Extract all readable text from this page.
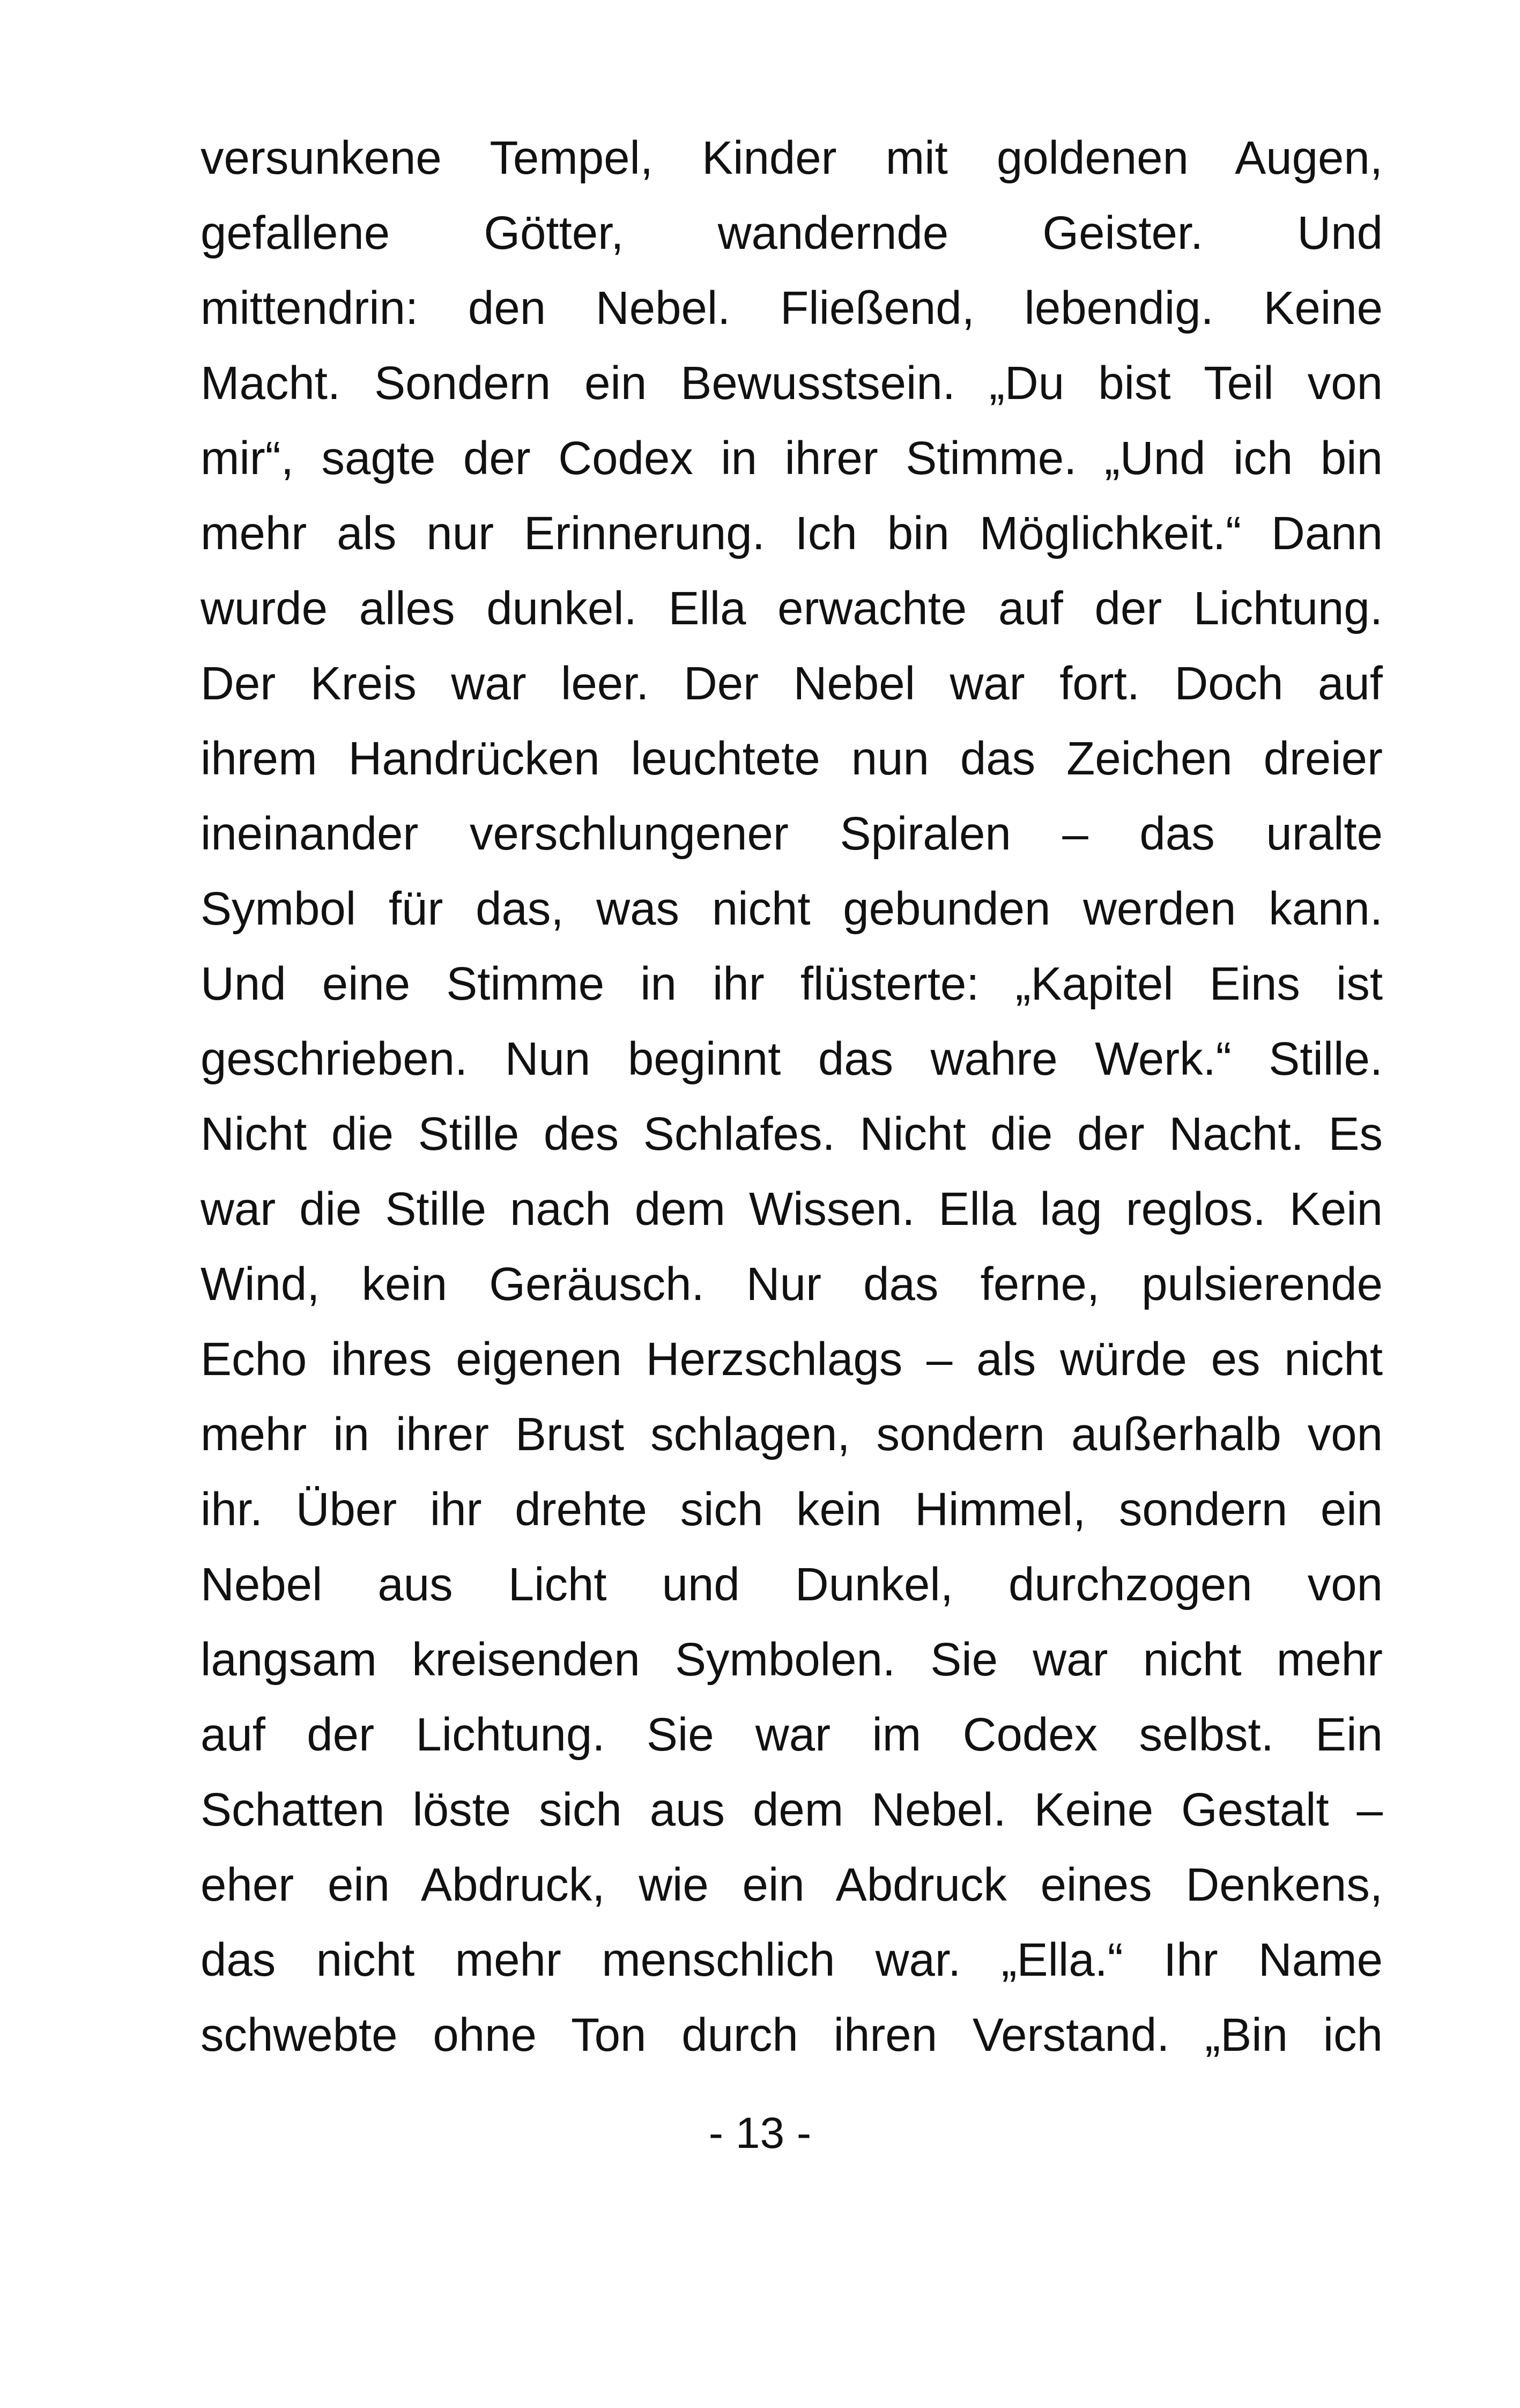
versunkene Tempel, Kinder mit goldenen Augen,
gefallene Götter, wandernde Geister. Und
mittendrin: den Nebel. Fließend, lebendig. Keine
Macht. Sondern ein Bewusstsein. „Du bist Teil von
mir“, sagte der Codex in ihrer Stimme. „Und ich bin
mehr als nur Erinnerung. Ich bin Möglichkeit.“ Dann
wurde alles dunkel. Ella erwachte auf der Lichtung.
Der Kreis war leer. Der Nebel war fort. Doch auf
ihrem Handrücken leuchtete nun das Zeichen dreier
ineinander verschlungener Spiralen – das uralte
Symbol für das, was nicht gebunden werden kann.
Und eine Stimme in ihr flüsterte: „Kapitel Eins ist
geschrieben. Nun beginnt das wahre Werk.“ Stille.
Nicht die Stille des Schlafes. Nicht die der Nacht. Es
war die Stille nach dem Wissen. Ella lag reglos. Kein
Wind, kein Geräusch. Nur das ferne, pulsierende
Echo ihres eigenen Herzschlags – als würde es nicht
mehr in ihrer Brust schlagen, sondern außerhalb von
ihr. Über ihr drehte sich kein Himmel, sondern ein
Nebel aus Licht und Dunkel, durchzogen von
langsam kreisenden Symbolen. Sie war nicht mehr
auf der Lichtung. Sie war im Codex selbst. Ein
Schatten löste sich aus dem Nebel. Keine Gestalt –
eher ein Abdruck, wie ein Abdruck eines Denkens,
das nicht mehr menschlich war. „Ella.“ Ihr Name
schwebte ohne Ton durch ihren Verstand. „Bin ich
- 13 -
